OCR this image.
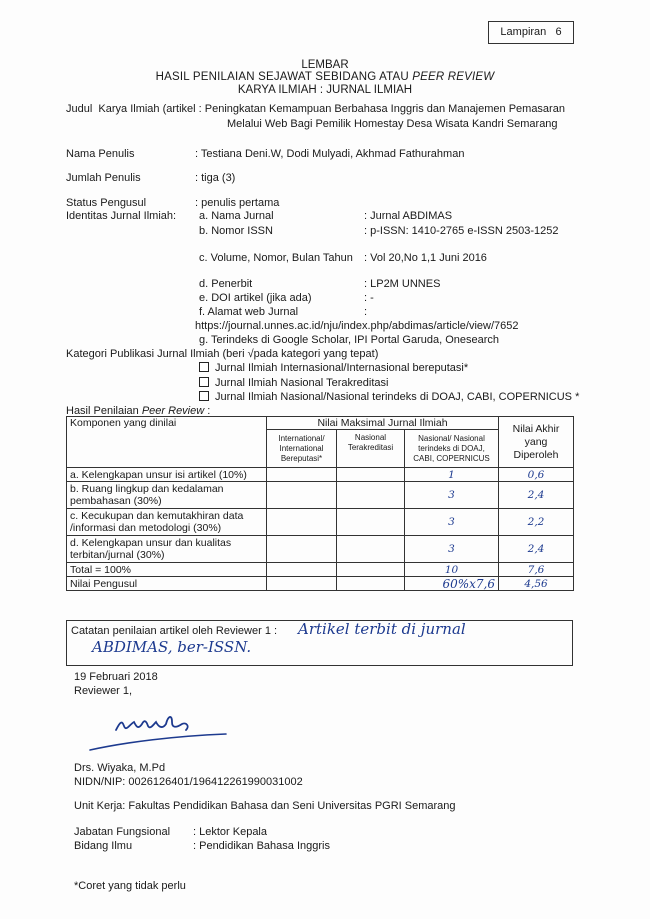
Lampiran   6
LEMBAR
HASIL PENILAIAN SEJAWAT SEBIDANG ATAU PEER REVIEW
KARYA ILMIAH : JURNAL ILMIAH
Judul  Karya Ilmiah (artikel : Peningkatan Kemampuan Berbahasa Inggris dan Manajemen Pemasaran
Melalui Web Bagi Pemilik Homestay Desa Wisata Kandri Semarang
Nama Penulis	: Testiana Deni.W, Dodi Mulyadi, Akhmad Fathurahman
Jumlah Penulis	: tiga (3)
Status Pengusul	: penulis pertama
Identitas Jurnal Ilmiah: a. Nama Jurnal	: Jurnal ABDIMAS
b. Nomor ISSN	: p-ISSN: 1410-2765 e-ISSN 2503-1252
c. Volume, Nomor, Bulan Tahun : Vol 20,No 1,1 Juni 2016
d. Penerbit	: LP2M UNNES
e. DOI artikel (jika ada)	: -
f. Alamat web Jurnal	:
https://journal.unnes.ac.id/nju/index.php/abdimas/article/view/7652
g. Terindeks di Google Scholar, IPI Portal Garuda, Onesearch
Kategori Publikasi Jurnal Ilmiah (beri √pada kategori yang tepat)
Jurnal Ilmiah Internasional/Internasional bereputasi*
Jurnal Ilmiah Nasional Terakreditasi
Jurnal Ilmiah Nasional/Nasional terindeks di DOAJ, CABI, COPERNICUS *
Hasil Penilaian Peer Review :
Komponen yang dinilai	Nilai Maksimal Jurnal Ilmiah			Nilai Akhir yang Diperoleh
	International/ International Bereputasi*	Nasional Terakreditasi	Nasional/ Nasional terindeks di DOAJ, CABI, COPERNICUS	
a. Kelengkapan unsur isi artikel (10%)			1	0,6
b. Ruang lingkup dan kedalaman pembahasan (30%)			3	2,4
c. Kecukupan dan kemutakhiran data /informasi dan metodologi (30%)			3	2,2
d. Kelengkapan unsur dan kualitas terbitan/jurnal (30%)			3	2,4
Total = 100%			10	7,6
Nilai Pengusul			60%x7,6	4,56
Catatan penilaian artikel oleh Reviewer 1 : Artikel terbit di jurnal
ABDIMAS, ber-ISSN.
19 Februari 2018
Reviewer 1,
Drs. Wiyaka, M.Pd
NIDN/NIP: 0026126401/196412261990031002
Unit Kerja: Fakultas Pendidikan Bahasa dan Seni Universitas PGRI Semarang
Jabatan Fungsional : Lektor Kepala
Bidang Ilmu	: Pendidikan Bahasa Inggris
*Coret yang tidak perlu
